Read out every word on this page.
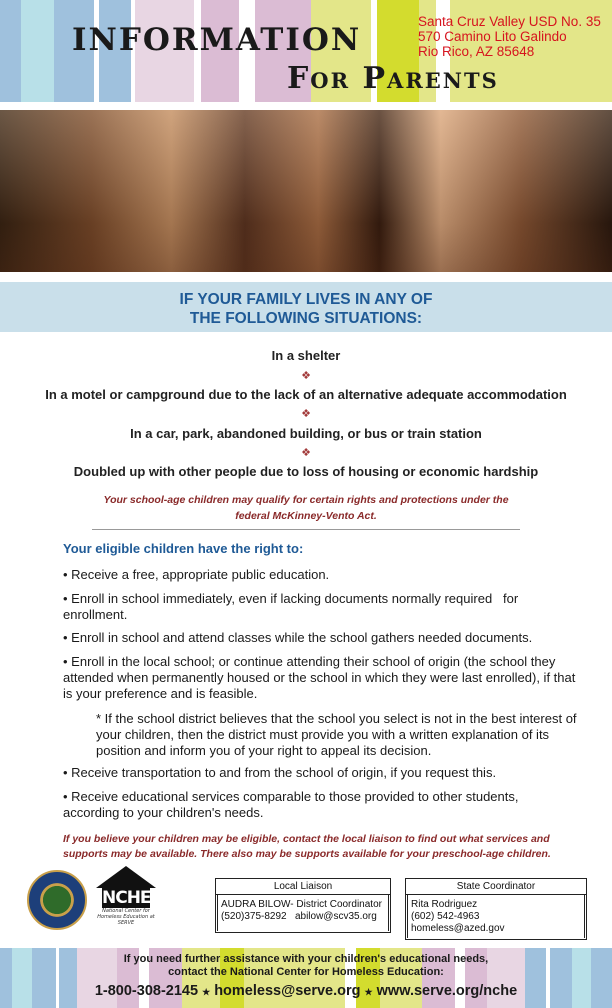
INFORMATION
For Parents
Santa Cruz Valley USD No. 35
570 Camino Lito Galindo
Rio Rico, AZ 85648
IF YOUR FAMILY LIVES IN ANY OF
THE FOLLOWING SITUATIONS:
In a shelter
❖
In a motel or campground due to the lack of an alternative adequate accommodation
❖
In a car, park, abandoned building, or bus or train station
❖
Doubled up with other people due to loss of housing or economic hardship
Your school-age children may qualify for certain rights and protections under the
federal McKinney-Vento Act.
Your eligible children have the right to:
• Receive a free, appropriate public education.
• Enroll in school immediately, even if lacking documents normally required   for enrollment.
• Enroll in school and attend classes while the school gathers needed documents.
• Enroll in the local school; or continue attending their school of origin (the school they attended when permanently housed or the school in which they were last enrolled), if that is your preference and is feasible.
* If the school district believes that the school you select is not in the best interest of your children, then the district must provide you with a written explanation of its position and inform you of your right to appeal its decision.
• Receive transportation to and from the school of origin, if you request this.
• Receive educational services comparable to those provided to other students, according to your children's needs.
If you believe your children may be eligible, contact the local liaison to find out what services and supports may be available. There also may be supports available for your preschool-age children.
NCHE
National Center for Homeless Education at SERVE
Local Liaison
AUDRA BILOW- District Coordinator
(520)375-8292   abilow@scv35.org
State Coordinator
Rita Rodriguez
(602) 542-4963
homeless@azed.gov
If you need further assistance with your children's educational needs,
contact the National Center for Homeless Education:
1-800-308-2145 ★ homeless@serve.org ★ www.serve.org/nche
